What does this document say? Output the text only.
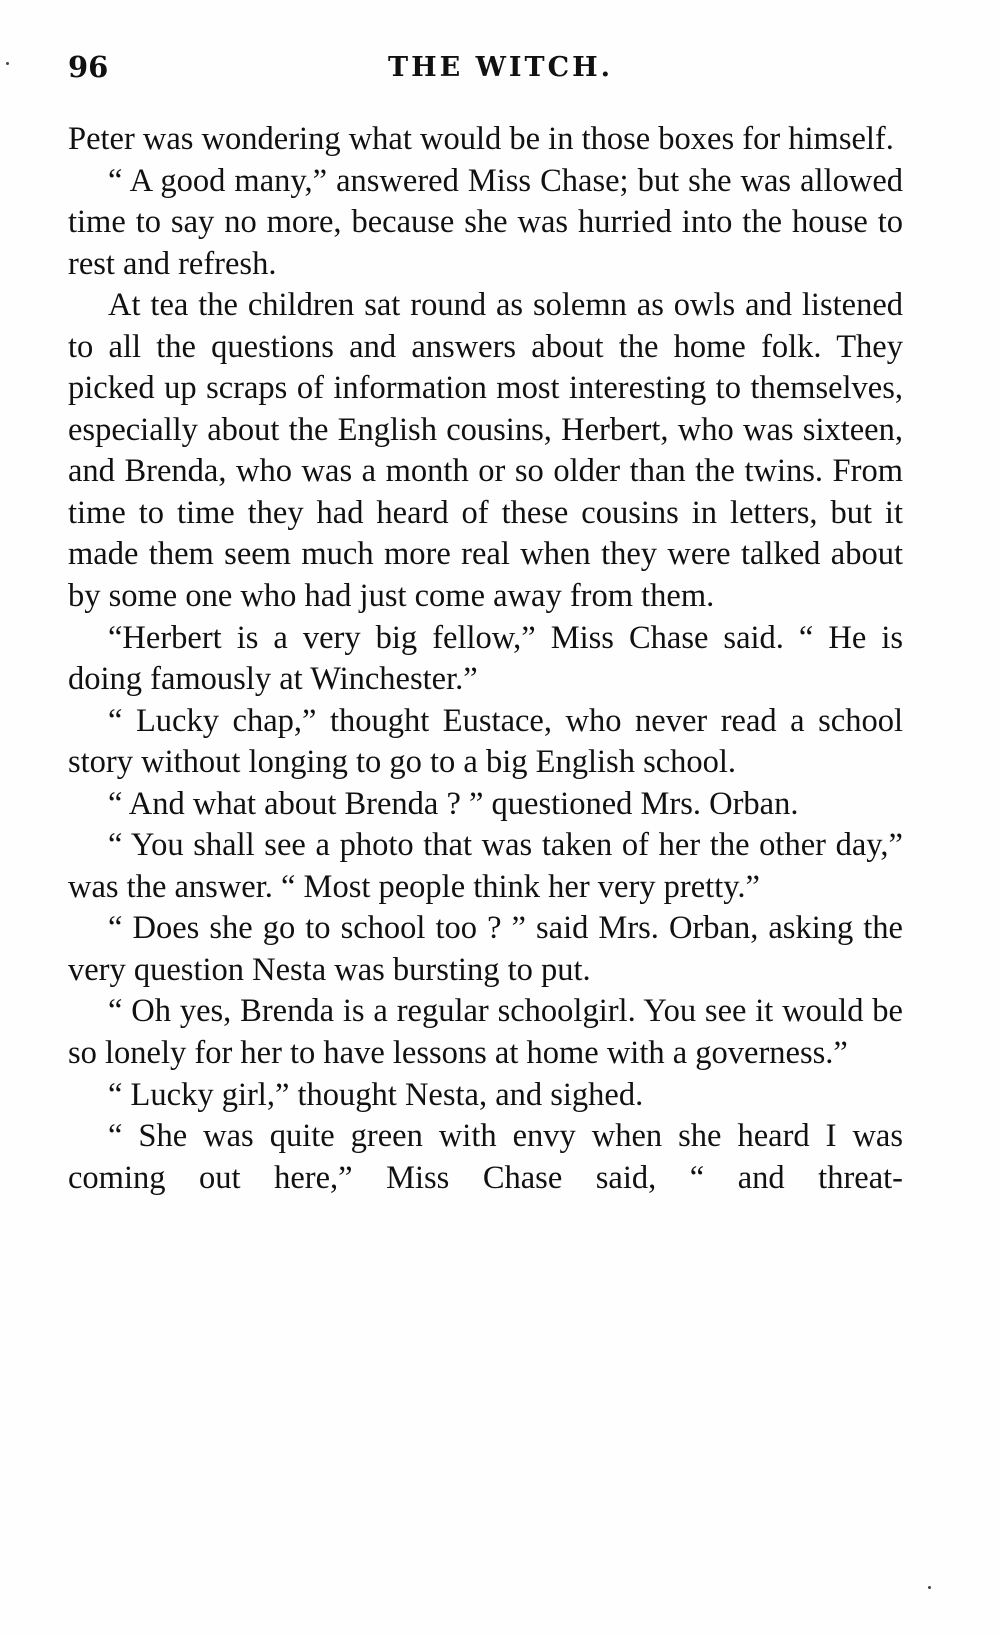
96	THE WITCH.

Peter was wondering what would be in those boxes for himself.

“ A good many,” answered Miss Chase; but she was allowed time to say no more, because she was hurried into the house to rest and refresh.

At tea the children sat round as solemn as owls and listened to all the questions and answers about the home folk. They picked up scraps of information most interesting to themselves, especially about the English cousins, Herbert, who was sixteen, and Brenda, who was a month or so older than the twins. From time to time they had heard of these cousins in letters, but it made them seem much more real when they were talked about by some one who had just come away from them.

“Herbert is a very big fellow,” Miss Chase said. “ He is doing famously at Winchester.”

“ Lucky chap,” thought Eustace, who never read a school story without longing to go to a big English school.

“ And what about Brenda ? ” questioned Mrs. Orban.

“ You shall see a photo that was taken of her the other day,” was the answer. “ Most people think her very pretty.”

“ Does she go to school too ? ” said Mrs. Orban, asking the very question Nesta was bursting to put.

“ Oh yes, Brenda is a regular schoolgirl. You see it would be so lonely for her to have lessons at home with a governess.”

“ Lucky girl,” thought Nesta, and sighed.

“ She was quite green with envy when she heard I was coming out here,” Miss Chase said, “ and threat-
